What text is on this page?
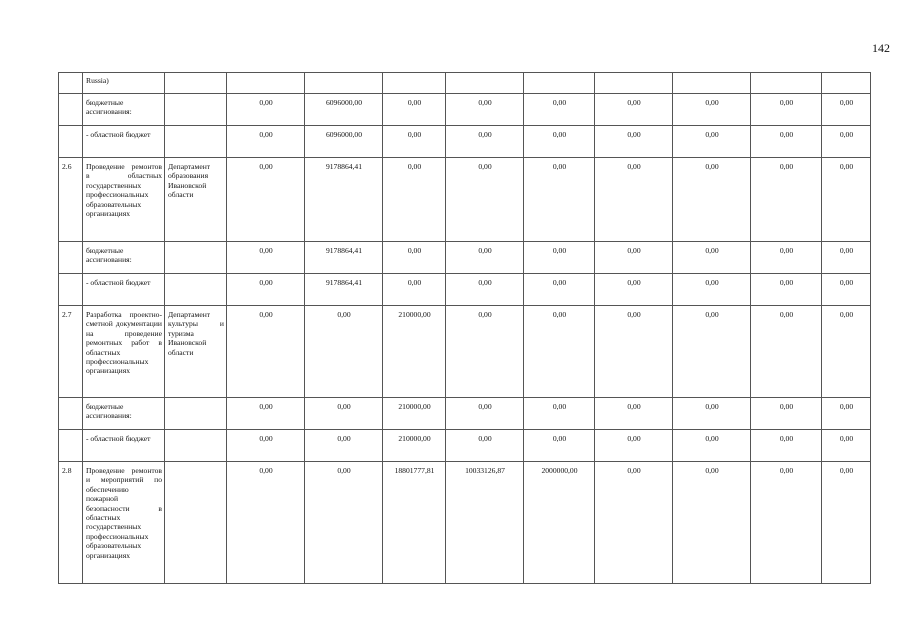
142
	Russia)										
	бюджетные ассигнования:		0,00	6096000,00	0,00	0,00	0,00	0,00	0,00	0,00	0,00
	- областной бюджет		0,00	6096000,00	0,00	0,00	0,00	0,00	0,00	0,00	0,00
2.6	Проведение ремонтов в областных государственных профессиональных образовательных организациях	Департамент образования Ивановской области	0,00	9178864,41	0,00	0,00	0,00	0,00	0,00	0,00	0,00
	бюджетные ассигнования:		0,00	9178864,41	0,00	0,00	0,00	0,00	0,00	0,00	0,00
	- областной бюджет		0,00	9178864,41	0,00	0,00	0,00	0,00	0,00	0,00	0,00
2.7	Разработка проектно-сметной документации на проведение ремонтных работ в областных профессиональных организациях	Департамент культуры и туризма Ивановской области	0,00	0,00	210000,00	0,00	0,00	0,00	0,00	0,00	0,00
	бюджетные ассигнования:		0,00	0,00	210000,00	0,00	0,00	0,00	0,00	0,00	0,00
	- областной бюджет		0,00	0,00	210000,00	0,00	0,00	0,00	0,00	0,00	0,00
2.8	Проведение ремонтов и мероприятий по обеспечению пожарной безопасности в областных государственных профессиональных образовательных организациях		0,00	0,00	18801777,81	10033126,87	2000000,00	0,00	0,00	0,00	0,00
